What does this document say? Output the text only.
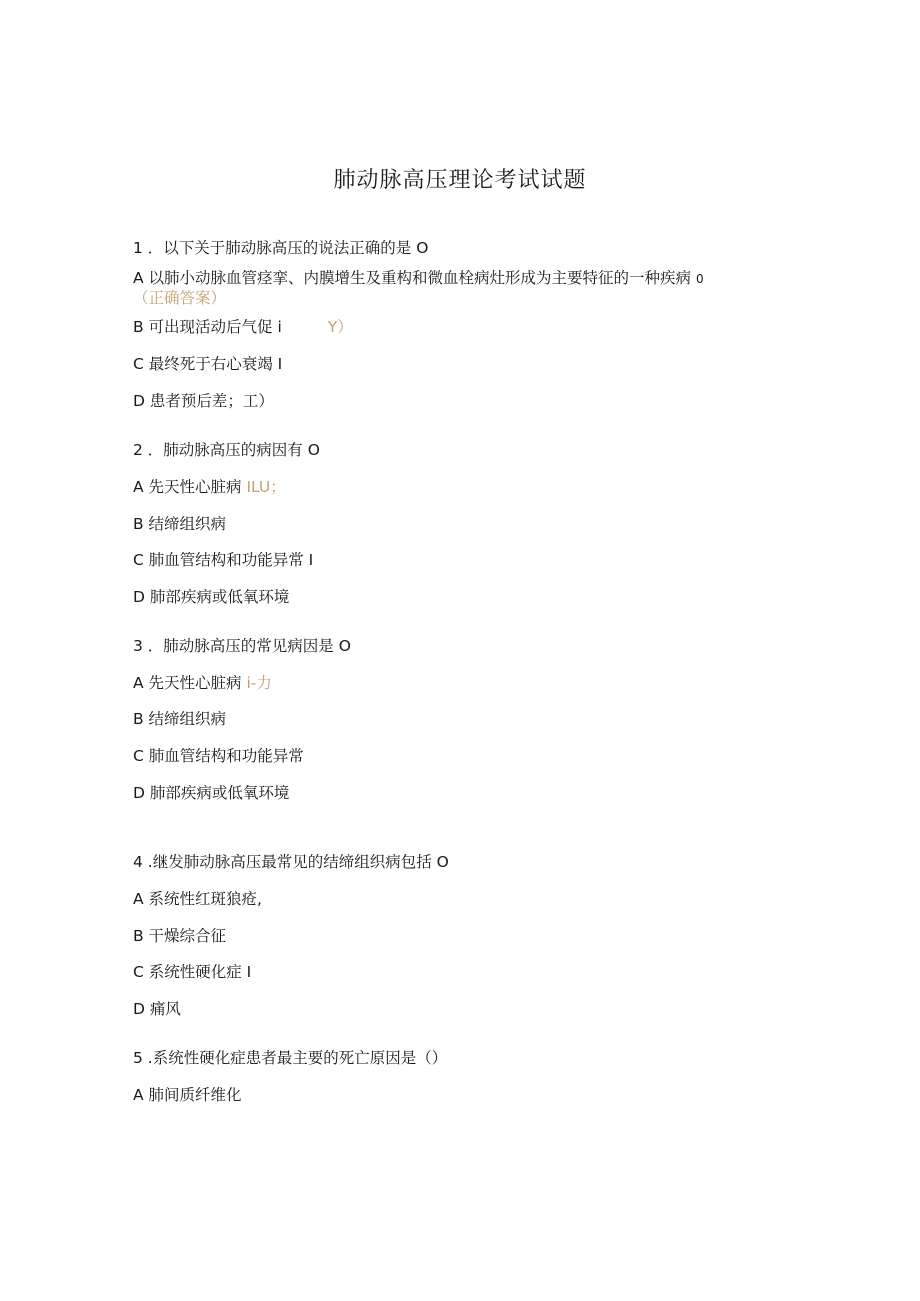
肺动脉高压理论考试试题
1 ．以下关于肺动脉高压的说法正确的是 O
A 以肺小动脉血管痉挛、内膜增生及重构和微血栓病灶形成为主要特征的一种疾病 0
（正确答案）
B 可出现活动后气促 i	Y）
C 最终死于右心衰竭 I
D 患者预后差；工）
2 ．肺动脉高压的病因有 O
A 先天性心脏病 ILU；
B 结缔组织病
C 肺血管结构和功能异常 I
D 肺部疾病或低氧环境
3 ．肺动脉高压的常见病因是 O
A 先天性心脏病 i-力
B 结缔组织病
C 肺血管结构和功能异常
D 肺部疾病或低氧环境
4 .继发肺动脉高压最常见的结缔组织病包括 O
A 系统性红斑狼疮,
B 干燥综合征
C 系统性硬化症 I
D 痛风
5 .系统性硬化症患者最主要的死亡原因是（）
A 肺间质纤维化
